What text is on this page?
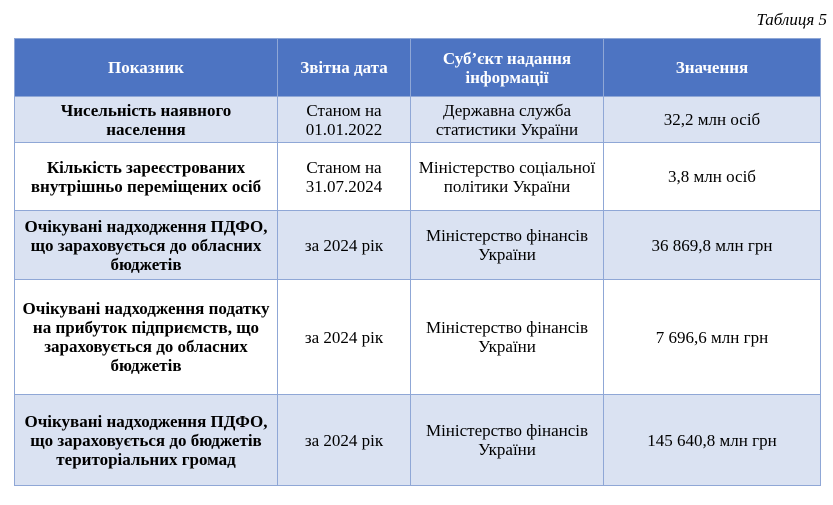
Таблиця 5
Показник	Звітна дата	Суб’єкт надання інформації	Значення
Чисельність наявного населення	Станом на 01.01.2022	Державна служба статистики України	32,2 млн осіб
Кількість зареєстрованих внутрішньо переміщених осіб	Станом на 31.07.2024	Міністерство соціальної політики України	3,8 млн осіб
Очікувані надходження ПДФО, що зараховується до обласних бюджетів	за 2024 рік	Міністерство фінансів України	36 869,8 млн грн
Очікувані надходження податку на прибуток підприємств, що зараховується до обласних бюджетів	за 2024 рік	Міністерство фінансів України	7 696,6 млн грн
Очікувані надходження ПДФО, що зараховується до бюджетів територіальних громад	за 2024 рік	Міністерство фінансів України	145 640,8 млн грн
